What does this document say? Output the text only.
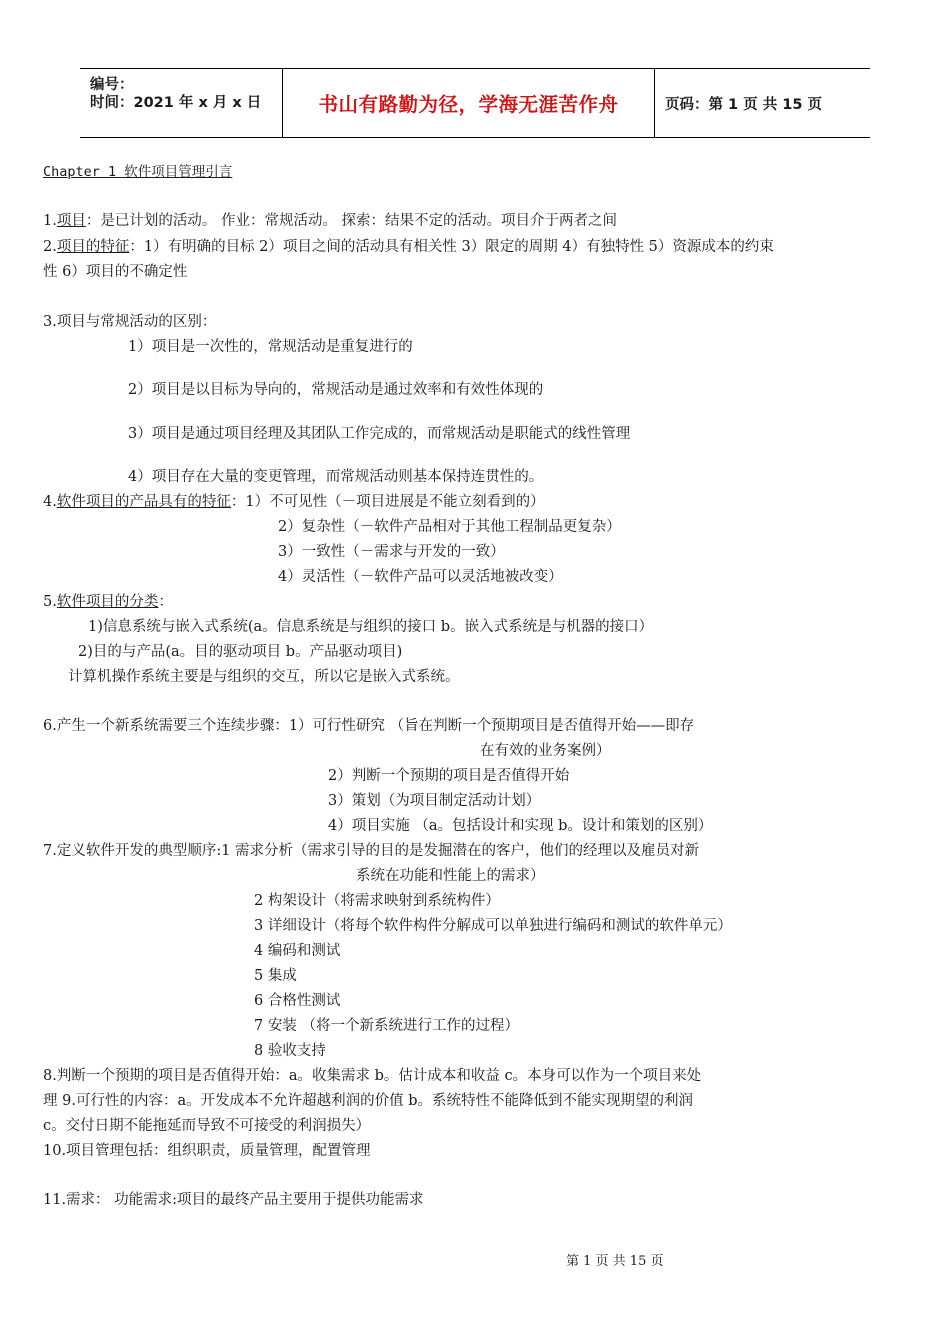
编号：
时间：2021 年 x 月 x 日	书山有路勤为径，学海无涯苦作舟	页码：第 1 页 共 15 页
Chapter 1 软件项目管理引言
1.项目：是已计划的活动。 作业：常规活动。 探索：结果不定的活动。项目介于两者之间
2.项目的特征：1）有明确的目标 2）项目之间的活动具有相关性 3）限定的周期 4）有独特性 5）资源成本的约束
性 6）项目的不确定性
3.项目与常规活动的区别：
1）项目是一次性的，常规活动是重复进行的
2）项目是以目标为导向的，常规活动是通过效率和有效性体现的
3）项目是通过项目经理及其团队工作完成的，而常规活动是职能式的线性管理
4）项目存在大量的变更管理，而常规活动则基本保持连贯性的。
4.软件项目的产品具有的特征：1）不可见性（－项目进展是不能立刻看到的）
2）复杂性（－软件产品相对于其他工程制品更复杂）
3）一致性（－需求与开发的一致）
4）灵活性（－软件产品可以灵活地被改变）
5.软件项目的分类：
1)信息系统与嵌入式系统(a。信息系统是与组织的接口 b。嵌入式系统是与机器的接口）
2)目的与产品(a。目的驱动项目 b。产品驱动项目)
计算机操作系统主要是与组织的交互，所以它是嵌入式系统。
6.产生一个新系统需要三个连续步骤：1）可行性研究 （旨在判断一个预期项目是否值得开始——即存
在有效的业务案例）
2）判断一个预期的项目是否值得开始
3）策划（为项目制定活动计划）
4）项目实施 （a。包括设计和实现 b。设计和策划的区别）
7.定义软件开发的典型顺序:1 需求分析（需求引导的目的是发掘潜在的客户，他们的经理以及雇员对新
系统在功能和性能上的需求）
2 构架设计（将需求映射到系统构件）
3 详细设计（将每个软件构件分解成可以单独进行编码和测试的软件单元）
4 编码和测试
5 集成
6 合格性测试
7 安装 （将一个新系统进行工作的过程）
8 验收支持
8.判断一个预期的项目是否值得开始：a。收集需求 b。估计成本和收益 c。本身可以作为一个项目来处
理 9.可行性的内容：a。开发成本不允许超越利润的价值 b。系统特性不能降低到不能实现期望的利润
c。交付日期不能拖延而导致不可接受的利润损失）
10.项目管理包括：组织职责，质量管理，配置管理
11.需求： 功能需求:项目的最终产品主要用于提供功能需求
第 1 页 共 15 页
